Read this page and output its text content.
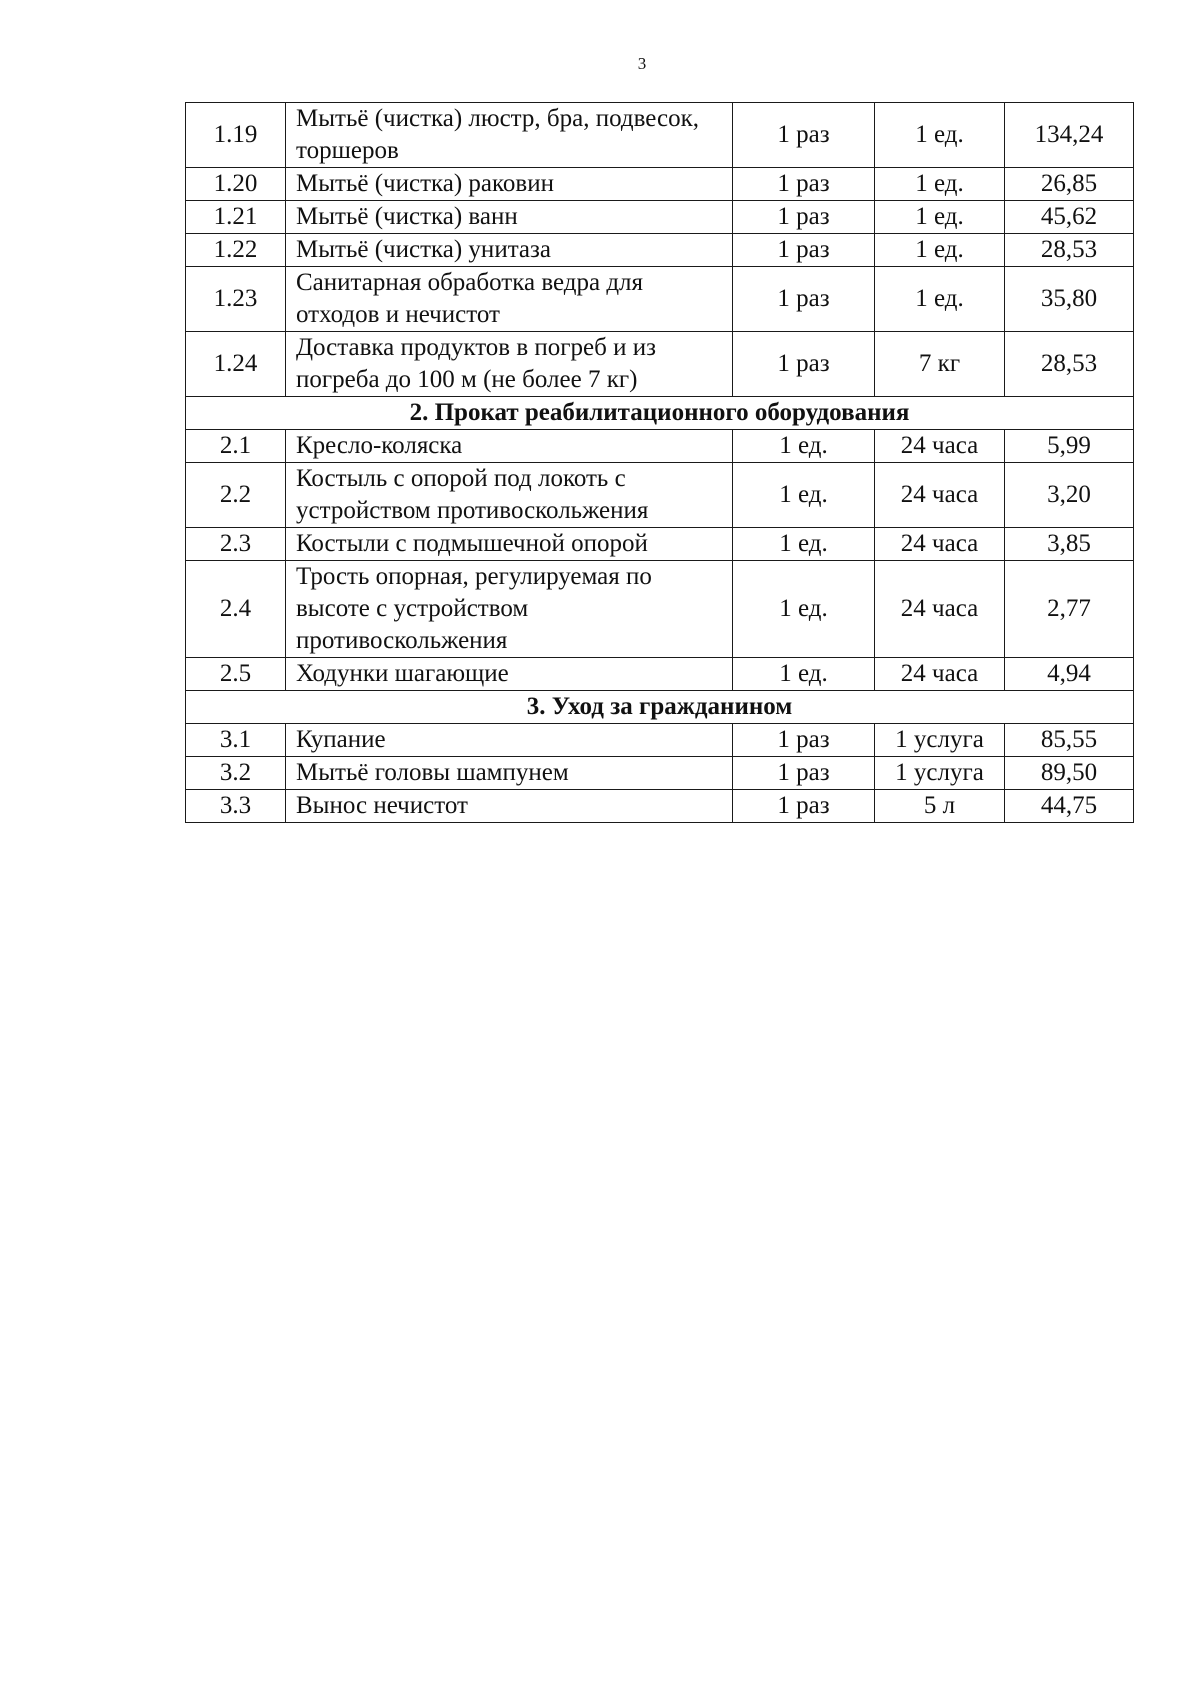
3
1.19	Мытьё (чистка) люстр, бра, подвесок, торшеров	1 раз	1 ед.	134,24
1.20	Мытьё (чистка) раковин	1 раз	1 ед.	26,85
1.21	Мытьё (чистка) ванн	1 раз	1 ед.	45,62
1.22	Мытьё (чистка) унитаза	1 раз	1 ед.	28,53
1.23	Санитарная обработка ведра для отходов и нечистот	1 раз	1 ед.	35,80
1.24	Доставка продуктов в погреб и из погреба до 100 м (не более 7 кг)	1 раз	7 кг	28,53
2. Прокат реабилитационного оборудования				
2.1	Кресло-коляска	1 ед.	24 часа	5,99
2.2	Костыль с опорой под локоть с устройством противоскольжения	1 ед.	24 часа	3,20
2.3	Костыли с подмышечной опорой	1 ед.	24 часа	3,85
2.4	Трость опорная, регулируемая по высоте с устройством противоскольжения	1 ед.	24 часа	2,77
2.5	Ходунки шагающие	1 ед.	24 часа	4,94
3. Уход за гражданином				
3.1	Купание	1 раз	1 услуга	85,55
3.2	Мытьё головы шампунем	1 раз	1 услуга	89,50
3.3	Вынос нечистот	1 раз	5 л	44,75
